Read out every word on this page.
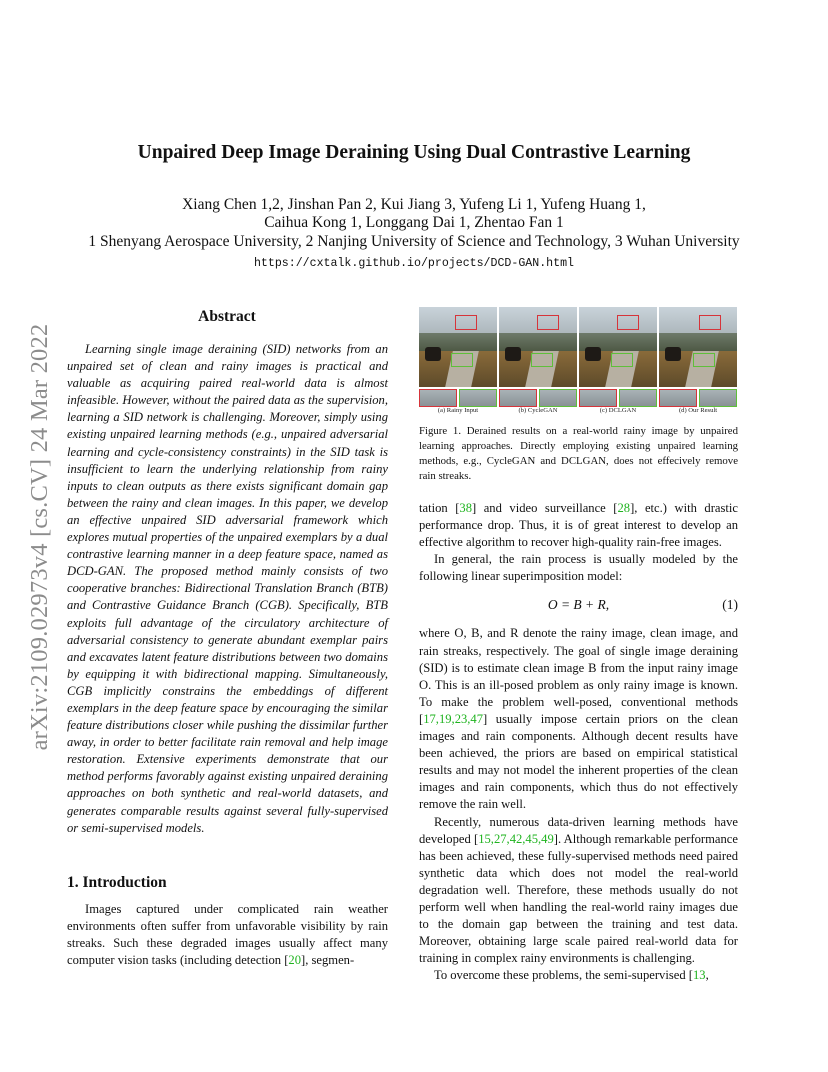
arXiv:2109.02973v4 [cs.CV] 24 Mar 2022
Unpaired Deep Image Deraining Using Dual Contrastive Learning
Xiang Chen 1,2, Jinshan Pan 2, Kui Jiang 3, Yufeng Li 1, Yufeng Huang 1,
Caihua Kong 1, Longgang Dai 1, Zhentao Fan 1
1 Shenyang Aerospace University, 2 Nanjing University of Science and Technology, 3 Wuhan University
https://cxtalk.github.io/projects/DCD-GAN.html
Abstract

Learning single image deraining (SID) networks from an unpaired set of clean and rainy images is practical and valuable as acquiring paired real-world data is almost infeasible. However, without the paired data as the supervision, learning a SID network is challenging. Moreover, simply using existing unpaired learning methods (e.g., unpaired adversarial learning and cycle-consistency constraints) in the SID task is insufficient to learn the underlying relationship from rainy inputs to clean outputs as there exists significant domain gap between the rainy and clean images. In this paper, we develop an effective unpaired SID adversarial framework which explores mutual properties of the unpaired exemplars by a dual contrastive learning manner in a deep feature space, named as DCD-GAN. The proposed method mainly consists of two cooperative branches: Bidirectional Translation Branch (BTB) and Contrastive Guidance Branch (CGB). Specifically, BTB exploits full advantage of the circulatory architecture of adversarial consistency to generate abundant exemplar pairs and excavates latent feature distributions between two domains by equipping it with bidirectional mapping. Simultaneously, CGB implicitly constrains the embeddings of different exemplars in the deep feature space by encouraging the similar feature distributions closer while pushing the dissimilar further away, in order to better facilitate rain removal and help image restoration. Extensive experiments demonstrate that our method performs favorably against existing unpaired deraining approaches on both synthetic and real-world datasets, and generates comparable results against several fully-supervised or semi-supervised models.

1. Introduction

Images captured under complicated rain weather environments often suffer from unfavorable visibility by rain streaks. Such these degraded images usually affect many computer vision tasks (including detection [20], segmen-

(a) Rainy Input	(b) CycleGAN	(c) DCLGAN	(d) Our Result
Figure 1. Derained results on a real-world rainy image by unpaired learning approaches. Directly employing existing unpaired learning methods, e.g., CycleGAN and DCLGAN, does not effecively remove rain streaks.

tation [38] and video surveillance [28], etc.) with drastic performance drop. Thus, it is of great interest to develop an effective algorithm to recover high-quality rain-free images.

In general, the rain process is usually modeled by the following linear superimposition model:

where O, B, and R denote the rainy image, clean image, and rain streaks, respectively. The goal of single image deraining (SID) is to estimate clean image B from the input rainy image O. This is an ill-posed problem as only rainy image is known. To make the problem well-posed, conventional methods [17,19,23,47] usually impose certain priors on the clean images and rain components. Although decent results have been achieved, the priors are based on empirical statistical results and may not model the inherent properties of the clean images and rain components, which thus do not effectively remove the rain well.

Recently, numerous data-driven learning methods have developed [15,27,42,45,49]. Although remarkable performance has been achieved, these fully-supervised methods need paired synthetic data which does not model the real-world degradation well. Therefore, these methods usually do not perform well when handling the real-world rainy images due to the domain gap between the training and test data. Moreover, obtaining large scale paired real-world data for training in complex rainy environments is challenging.

To overcome these problems, the semi-supervised [13,

O = B + R,	(1)
